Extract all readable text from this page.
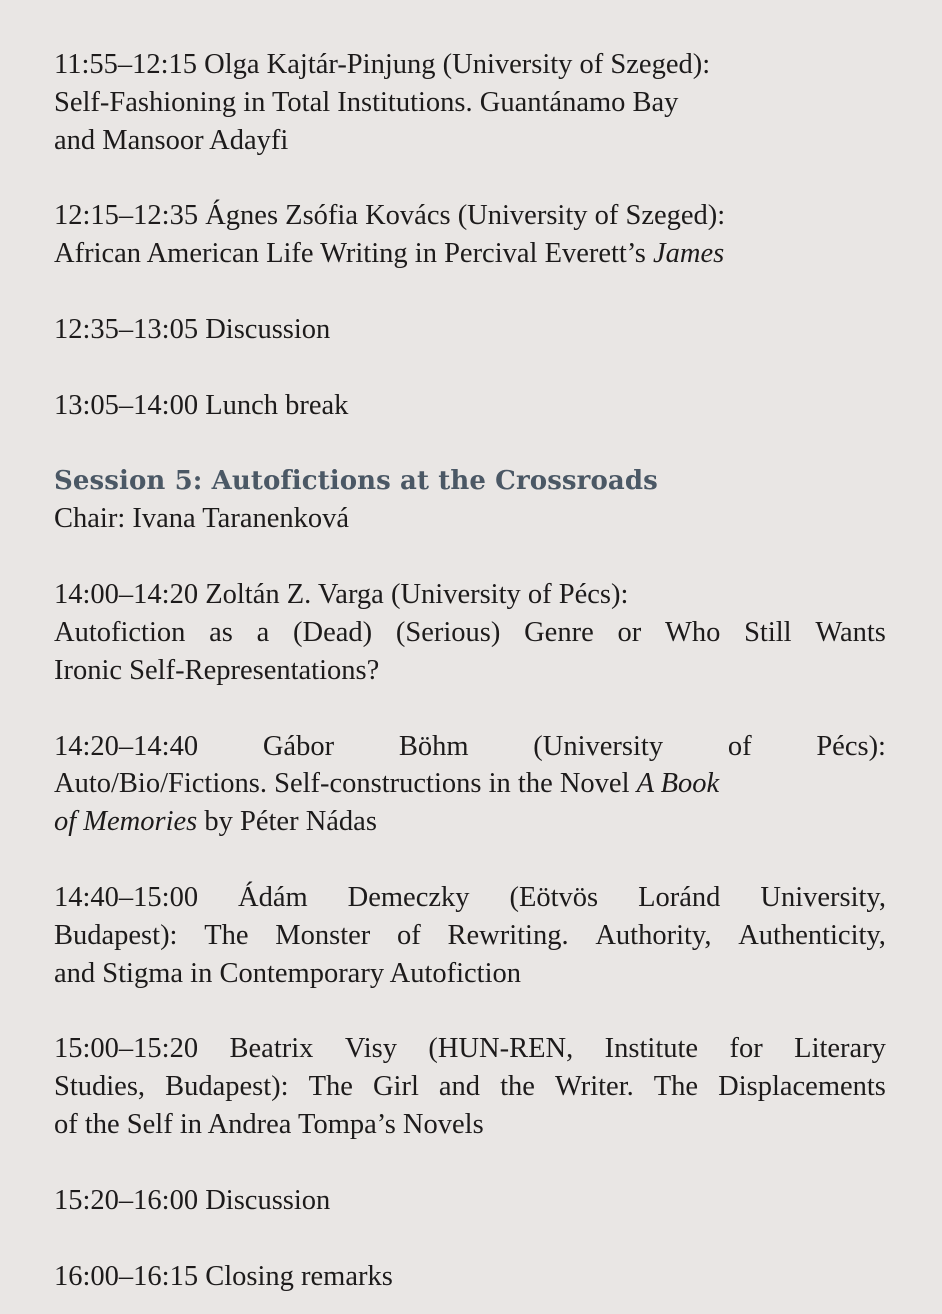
11:55–12:15 Olga Kajtár-Pinjung (University of Szeged):
Self-Fashioning in Total Institutions. Guantánamo Bay
and Mansoor Adayfi
12:15–12:35 Ágnes Zsófia Kovács (University of Szeged):
African American Life Writing in Percival Everett’s James
12:35–13:05 Discussion
13:05–14:00 Lunch break
Session 5: Autofictions at the Crossroads
Chair: Ivana Taranenková
14:00–14:20 Zoltán Z. Varga (University of Pécs):
Autofiction as a (Dead) (Serious) Genre or Who Still Wants
Ironic Self-Representations?
14:20–14:40 Gábor Böhm (University of Pécs):
Auto/Bio/Fictions. Self-constructions in the Novel A Book
of Memories by Péter Nádas
14:40–15:00 Ádám Demeczky (Eötvös Loránd University,
Budapest): The Monster of Rewriting. Authority, Authenticity,
and Stigma in Contemporary Autofiction
15:00–15:20 Beatrix Visy (HUN-REN, Institute for Literary
Studies, Budapest): The Girl and the Writer. The Displacements
of the Self in Andrea Tompa’s Novels
15:20–16:00 Discussion
16:00–16:15 Closing remarks
